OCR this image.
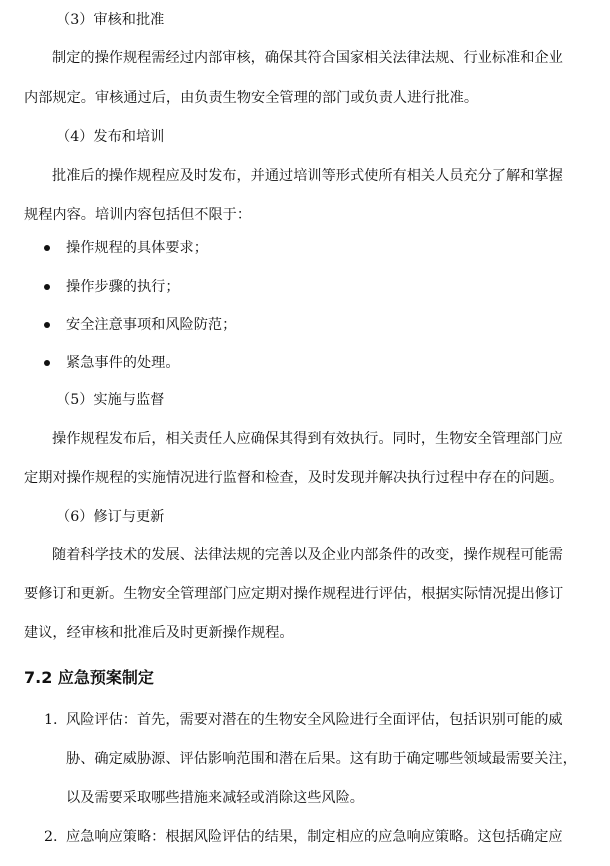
（3）审核和批准
制定的操作规程需经过内部审核，确保其符合国家相关法律法规、行业标准和企业
内部规定。审核通过后，由负责生物安全管理的部门或负责人进行批准。
（4）发布和培训
批准后的操作规程应及时发布，并通过培训等形式使所有相关人员充分了解和掌握
规程内容。培训内容包括但不限于：
操作规程的具体要求；
操作步骤的执行；
安全注意事项和风险防范；
紧急事件的处理。
（5）实施与监督
操作规程发布后，相关责任人应确保其得到有效执行。同时，生物安全管理部门应
定期对操作规程的实施情况进行监督和检查，及时发现并解决执行过程中存在的问题。
（6）修订与更新
随着科学技术的发展、法律法规的完善以及企业内部条件的改变，操作规程可能需
要修订和更新。生物安全管理部门应定期对操作规程进行评估，根据实际情况提出修订
建议，经审核和批准后及时更新操作规程。
7.2 应急预案制定
1. 风险评估：首先，需要对潜在的生物安全风险进行全面评估，包括识别可能的威
胁、确定威胁源、评估影响范围和潜在后果。这有助于确定哪些领域最需要关注，
以及需要采取哪些措施来减轻或消除这些风险。
2. 应急响应策略：根据风险评估的结果，制定相应的应急响应策略。这包括确定应
